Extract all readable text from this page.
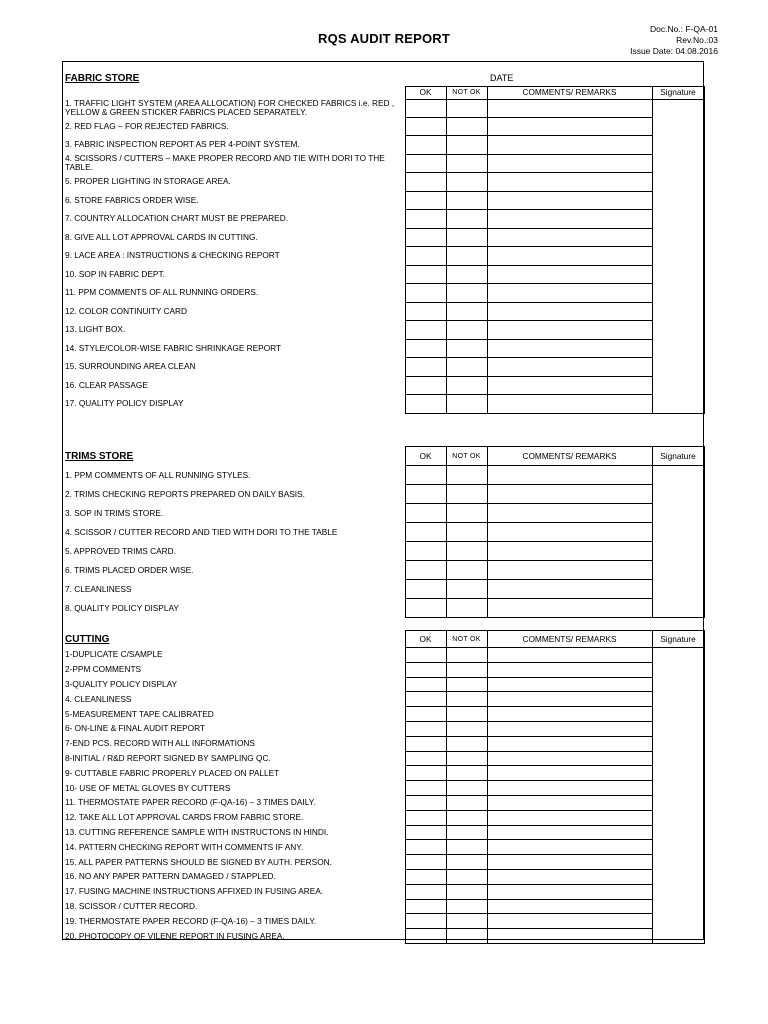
RQS AUDIT REPORT
Doc.No.: F-QA-01
Rev.No.:03
Issue Date: 04.08.2016
DATE
FABRIC STORE				
	OK	NOT OK	COMMENTS/ REMARKS	Signature
1. TRAFFIC LIGHT SYSTEM (AREA ALLOCATION) FOR CHECKED FABRICS i.e. RED , YELLOW & GREEN STICKER FABRICS PLACED SEPARATELY.				
2. RED FLAG – FOR REJECTED FABRICS.				
3. FABRIC INSPECTION REPORT AS PER 4-POINT SYSTEM.				
4. SCISSORS / CUTTERS – MAKE PROPER RECORD AND TIE WITH DORI TO THE TABLE.				
5. PROPER LIGHTING IN STORAGE AREA.				
6. STORE FABRICS ORDER WISE.				
7. COUNTRY ALLOCATION CHART MUST BE PREPARED.				
8. GIVE ALL LOT APPROVAL CARDS IN CUTTING.				
9. LACE AREA : INSTRUCTIONS & CHECKING REPORT				
10. SOP IN FABRIC DEPT.				
11. PPM COMMENTS OF ALL RUNNING ORDERS.				
12. COLOR CONTINUITY CARD				
13. LIGHT BOX.				
14. STYLE/COLOR-WISE FABRIC SHRINKAGE REPORT				
15. SURROUNDING AREA CLEAN				
16. CLEAR PASSAGE				
17. QUALITY POLICY DISPLAY				
TRIMS STORE	OK	NOT OK	COMMENTS/ REMARKS	Signature
1. PPM COMMENTS OF ALL RUNNING STYLES.				
2. TRIMS CHECKING REPORTS PREPARED ON DAILY BASIS.				
3. SOP IN TRIMS STORE.				
4. SCISSOR / CUTTER RECORD AND TIED WITH DORI TO THE TABLE				
5. APPROVED TRIMS CARD.				
6. TRIMS PLACED ORDER WISE.				
7. CLEANLINESS				
8. QUALITY POLICY DISPLAY				
CUTTING	OK	NOT OK	COMMENTS/ REMARKS	Signature
1-DUPLICATE C/SAMPLE				
2-PPM COMMENTS				
3-QUALITY POLICY DISPLAY				
4. CLEANLINESS				
5-MEASUREMENT TAPE CALIBRATED				
6- ON-LINE & FINAL AUDIT REPORT				
7-END PCS. RECORD WITH ALL INFORMATIONS				
8-INITIAL / R&D REPORT SIGNED BY SAMPLING QC.				
9- CUTTABLE FABRIC PROPERLY PLACED ON PALLET				
10- USE OF METAL GLOVES BY CUTTERS				
11. THERMOSTATE PAPER RECORD (F-QA-16) – 3 TIMES DAILY.				
12. TAKE ALL LOT APPROVAL CARDS FROM FABRIC STORE.				
13. CUTTING REFERENCE SAMPLE WITH INSTRUCTONS IN HINDI.				
14. PATTERN CHECKING REPORT WITH COMMENTS IF ANY.				
15. ALL PAPER PATTERNS SHOULD BE SIGNED BY AUTH. PERSON.				
16. NO ANY PAPER PATTERN DAMAGED / STAPPLED.				
17. FUSING MACHINE INSTRUCTIONS AFFIXED IN FUSING AREA.				
18. SCISSOR / CUTTER RECORD.				
19. THERMOSTATE PAPER RECORD (F-QA-16) – 3 TIMES DAILY.				
20. PHOTOCOPY OF VILENE REPORT IN FUSING AREA.				
